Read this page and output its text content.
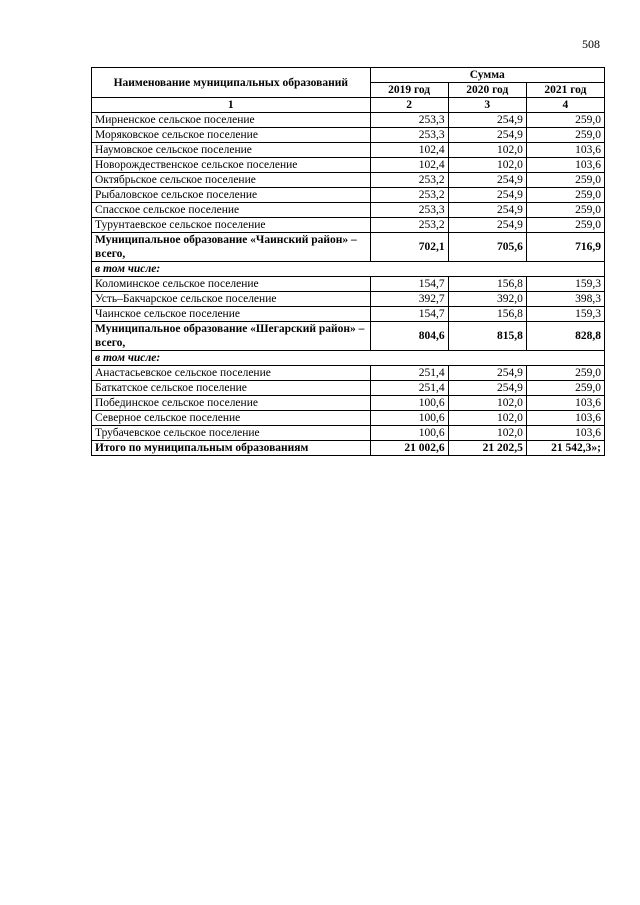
508
Наименование муниципальных образований	Сумма		
	2019 год	2020 год	2021 год
1	2	3	4
Мирненское сельское поселение	253,3	254,9	259,0
Моряковское сельское поселение	253,3	254,9	259,0
Наумовское сельское поселение	102,4	102,0	103,6
Новорождественское сельское поселение	102,4	102,0	103,6
Октябрьское сельское поселение	253,2	254,9	259,0
Рыбаловское сельское поселение	253,2	254,9	259,0
Спасское сельское поселение	253,3	254,9	259,0
Турунтаевское сельское поселение	253,2	254,9	259,0
Муниципальное образование «Чаинский район» – всего,	702,1	705,6	716,9
в том числе:			
Коломинское сельское поселение	154,7	156,8	159,3
Усть–Бакчарское сельское поселение	392,7	392,0	398,3
Чаинское сельское поселение	154,7	156,8	159,3
Муниципальное образование «Шегарский район» – всего,	804,6	815,8	828,8
в том числе:			
Анастасьевское сельское поселение	251,4	254,9	259,0
Баткатское сельское поселение	251,4	254,9	259,0
Побединское сельское поселение	100,6	102,0	103,6
Северное сельское поселение	100,6	102,0	103,6
Трубачевское сельское поселение	100,6	102,0	103,6
Итого по муниципальным образованиям	21 002,6	21 202,5	21 542,3»;
